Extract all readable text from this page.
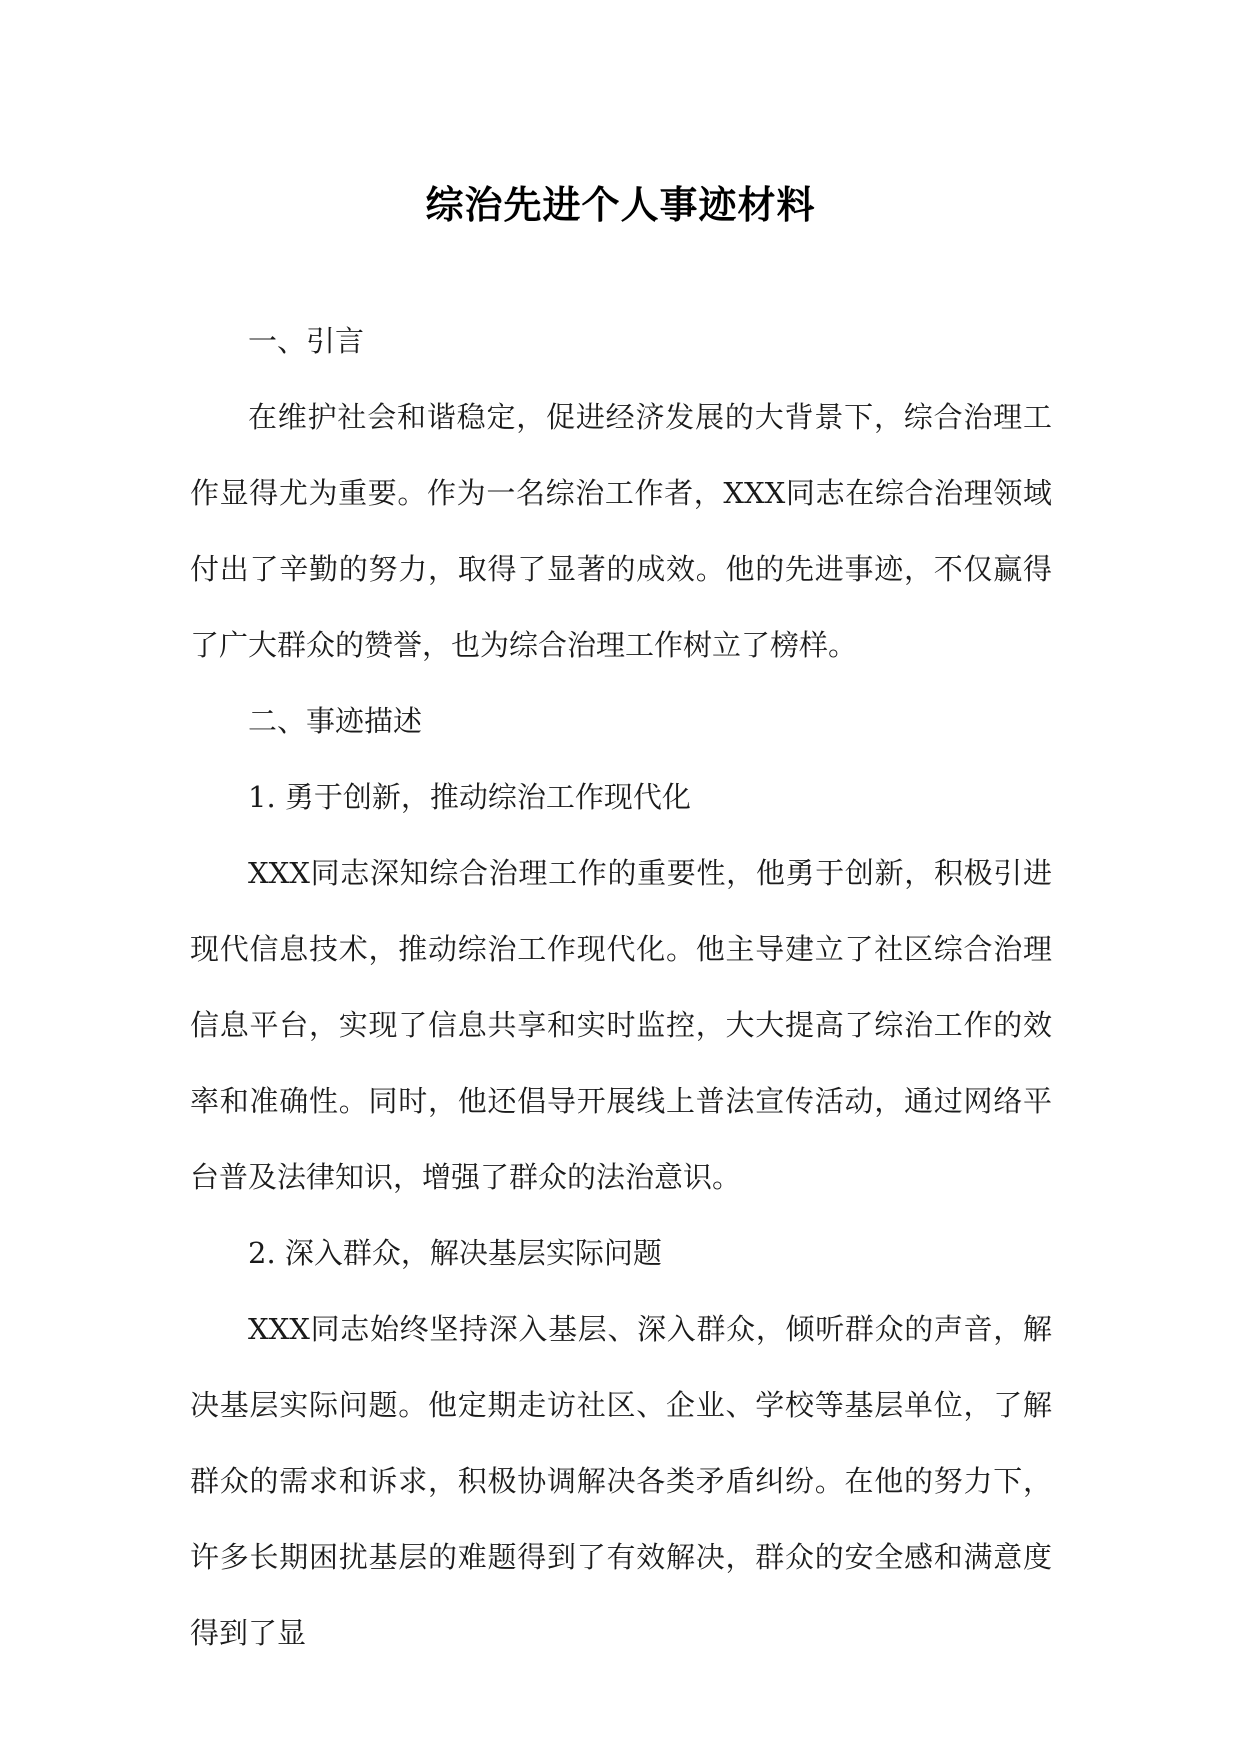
综治先进个人事迹材料

一、引言

在维护社会和谐稳定，促进经济发展的大背景下，综合治理工作显得尤为重要。作为一名综治工作者，XXX同志在综合治理领域付出了辛勤的努力，取得了显著的成效。他的先进事迹，不仅赢得了广大群众的赞誉，也为综合治理工作树立了榜样。

二、事迹描述

1. 勇于创新，推动综治工作现代化

XXX同志深知综合治理工作的重要性，他勇于创新，积极引进现代信息技术，推动综治工作现代化。他主导建立了社区综合治理信息平台，实现了信息共享和实时监控，大大提高了综治工作的效率和准确性。同时，他还倡导开展线上普法宣传活动，通过网络平台普及法律知识，增强了群众的法治意识。

2. 深入群众，解决基层实际问题

XXX同志始终坚持深入基层、深入群众，倾听群众的声音，解决基层实际问题。他定期走访社区、企业、学校等基层单位，了解群众的需求和诉求，积极协调解决各类矛盾纠纷。在他的努力下，许多长期困扰基层的难题得到了有效解决，群众的安全感和满意度得到了显
